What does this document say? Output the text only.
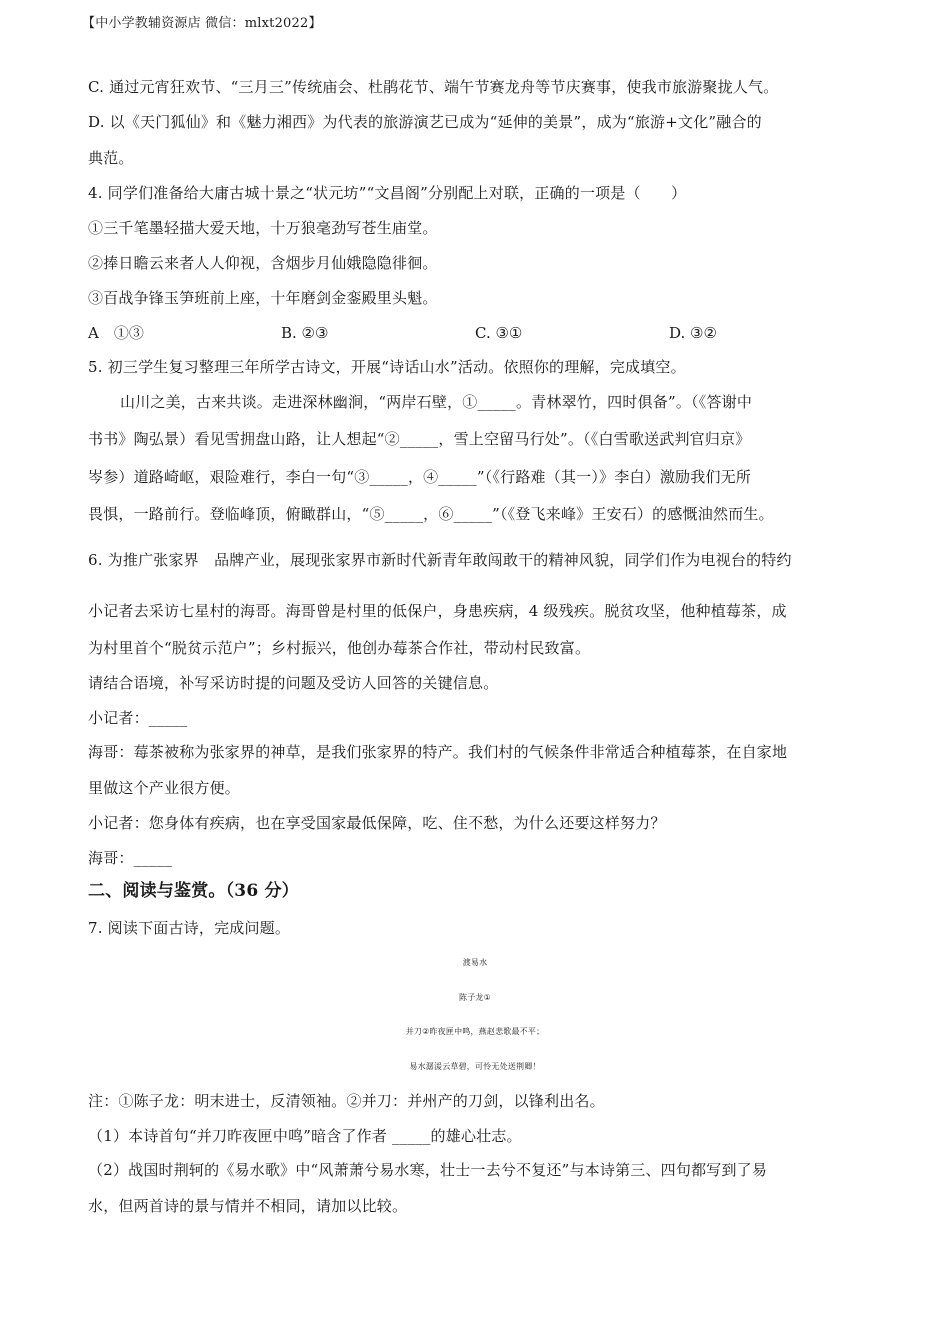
【中小学教辅资源店 微信：mlxt2022】
C. 通过元宵狂欢节、“三月三”传统庙会、杜鹃花节、端午节赛龙舟等节庆赛事，使我市旅游聚拢人气。
D. 以《天门狐仙》和《魅力湘西》为代表的旅游演艺已成为“延伸的美景”，成为“旅游+文化”融合的
典范。
4. 同学们准备给大庸古城十景之“状元坊”“文昌阁”分别配上对联，正确的一项是（　　）
①三千笔墨轻描大爱天地，十万狼毫劲写苍生庙堂。
②捧日瞻云来者人人仰视，含烟步月仙娥隐隐徘徊。
③百战争锋玉笋班前上座，十年磨剑金銮殿里头魁。
A　①③	B. ②③	C. ③①	D. ③②
5. 初三学生复习整理三年所学古诗文，开展“诗话山水”活动。依照你的理解，完成填空。
山川之美，古来共谈。走进深林幽涧，“两岸石壁，①_____。青林翠竹，四时俱备”。（《答谢中
书书》陶弘景）看见雪拥盘山路，让人想起“②_____，雪上空留马行处”。（《白雪歌送武判官归京》
岑参）道路崎岖，艰险难行，李白一句“③_____，④_____”（《行路难（其一）》李白）激励我们无所
畏惧，一路前行。登临峰顶，俯瞰群山，“⑤_____，⑥_____”（《登飞来峰》王安石）的感慨油然而生。
6. 为推广张家界　品牌产业，展现张家界市新时代新青年敢闯敢干的精神风貌，同学们作为电视台的特约
小记者去采访七星村的海哥。海哥曾是村里的低保户，身患疾病，4 级残疾。脱贫攻坚，他种植莓茶，成
为村里首个“脱贫示范户”；乡村振兴，他创办莓茶合作社，带动村民致富。
请结合语境，补写采访时提的问题及受访人回答的关键信息。
小记者：_____
海哥：莓茶被称为张家界的神草，是我们张家界的特产。我们村的气候条件非常适合种植莓茶，在自家地
里做这个产业很方便。
小记者：您身体有疾病，也在享受国家最低保障，吃、住不愁，为什么还要这样努力？
海哥：_____
二、阅读与鉴赏。（36 分）
7. 阅读下面古诗，完成问题。
渡易水
陈子龙①
并刀②昨夜匣中鸣，燕赵悲歌最不平；
易水潺湲云草碧，可怜无处送荆卿！
注：①陈子龙：明末进士，反清领袖。②并刀：并州产的刀剑，以锋利出名。
（1）本诗首句“并刀昨夜匣中鸣”暗含了作者 _____的雄心壮志。
（2）战国时荆轲的《易水歌》中“风萧萧兮易水寒，壮士一去兮不复还”与本诗第三、四句都写到了易
水，但两首诗的景与情并不相同，请加以比较。
